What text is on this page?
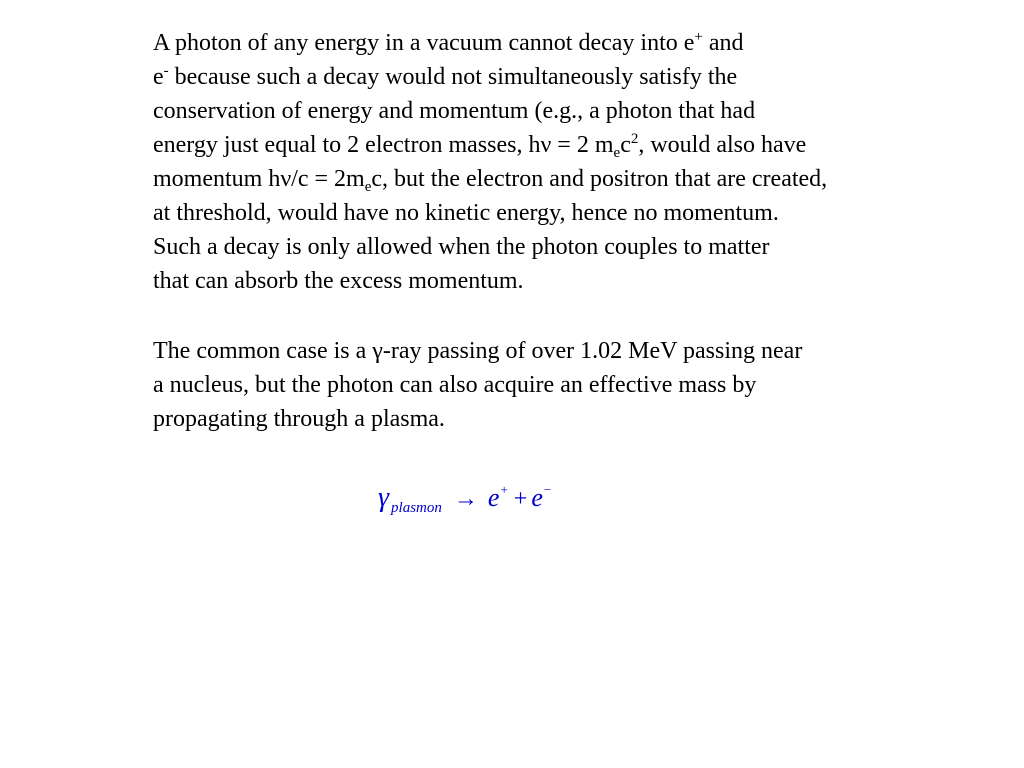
A photon of any energy in a vacuum cannot decay into e+ and
e- because such a decay would not simultaneously satisfy the
conservation of energy and momentum (e.g., a photon that had
energy just equal to 2 electron masses, hν = 2 $m_ec^2$, would also have
momentum $h\nu/c = 2m_ec$, but the electron and positron that are created,
at threshold, would have no kinetic energy, hence no momentum.
Such a decay is only allowed when the photon couples to matter
that can absorb the excess momentum.
The common case is a γ-ray passing of over 1.02 MeV passing near
a nucleus, but the photon can also acquire an effective mass by
propagating through a plasma.
γ plasmon → e+ + e−
